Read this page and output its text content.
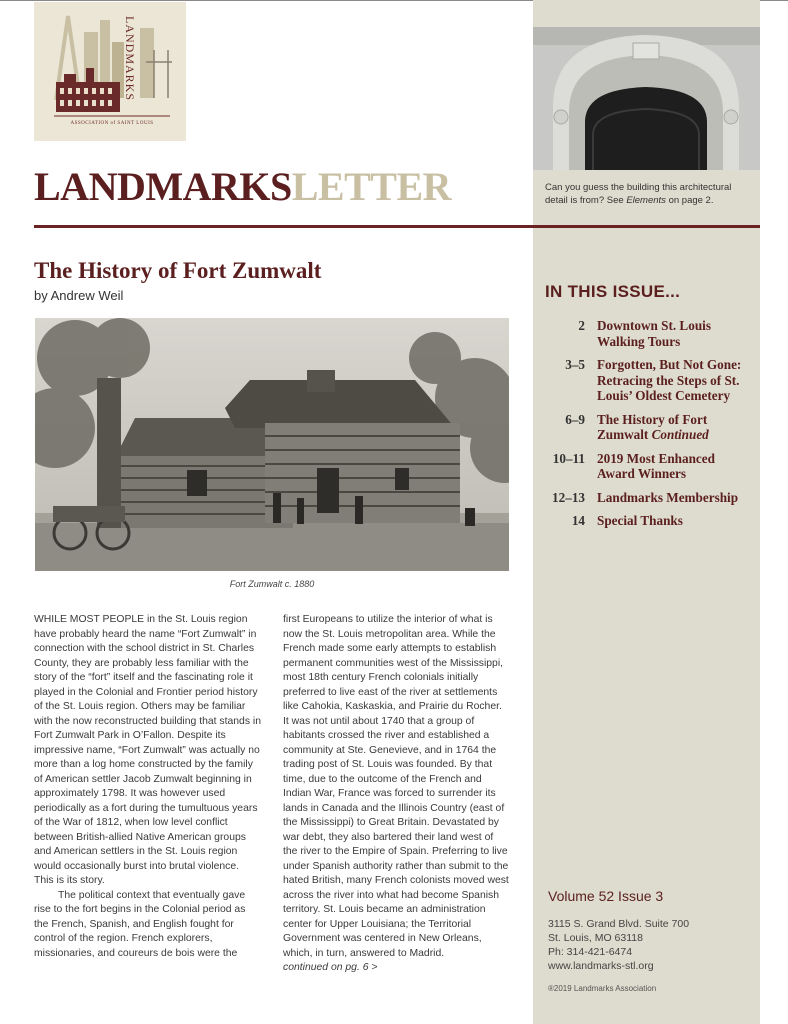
ASSOCIATION of SAINT LOUIS
LANDMARKS
Can you guess the building this architectural detail is from? See Elements on page 2.
LANDMARKSLETTER
The History of Fort Zumwalt
by Andrew Weil
Fort Zumwalt c. 1880

WHILE MOST PEOPLE in the St. Louis region have probably heard the name “Fort Zumwalt” in connection with the school district in St. Charles County, they are probably less familiar with the story of the “fort” itself and the fascinating role it played in the Colonial and Frontier period history of the St. Louis region. Others may be familiar with the now reconstructed building that stands in Fort Zumwalt Park in O’Fallon. Despite its impressive name, “Fort Zumwalt” was actually no more than a log home constructed by the family of American settler Jacob Zumwalt beginning in approximately 1798. It was however used periodically as a fort during the tumultuous years of the War of 1812, when low level conflict between British-allied Native American groups and American settlers in the St. Louis region would occasionally burst into brutal violence. This is its story.

The political context that eventually gave rise to the fort begins in the Colonial period as the French, Spanish, and English fought for control of the region. French explorers, missionaries, and coureurs de bois were the

first Europeans to utilize the interior of what is now the St. Louis metropolitan area. While the French made some early attempts to establish permanent communities west of the Mississippi, most 18th century French colonials initially preferred to live east of the river at settlements like Cahokia, Kaskaskia, and Prairie du Rocher. It was not until about 1740 that a group of habitants crossed the river and established a community at Ste. Genevieve, and in 1764 the trading post of St. Louis was founded. By that time, due to the outcome of the French and Indian War, France was forced to surrender its lands in Canada and the Illinois Country (east of the Mississippi) to Great Britain. Devastated by war debt, they also bartered their land west of the river to the Empire of Spain. Preferring to live under Spanish authority rather than submit to the hated British, many French colonists moved west across the river into what had become Spanish territory. St. Louis became an administration center for Upper Louisiana; the Territorial Government was centered in New Orleans, which, in turn, answered to Madrid.

continued on pg. 6 >

IN THIS ISSUE...
2 Downtown St. Louis Walking Tours
3–5 Forgotten, But Not Gone: Retracing the Steps of St. Louis’ Oldest Cemetery
6–9 The History of Fort Zumwalt Continued
10–11 2019 Most Enhanced Award Winners
12–13 Landmarks Membership
14 Special Thanks
Volume 52 Issue 3
3115 S. Grand Blvd. Suite 700
St. Louis, MO 63118
Ph: 314-421-6474
www.landmarks-stl.org
®2019 Landmarks Association
